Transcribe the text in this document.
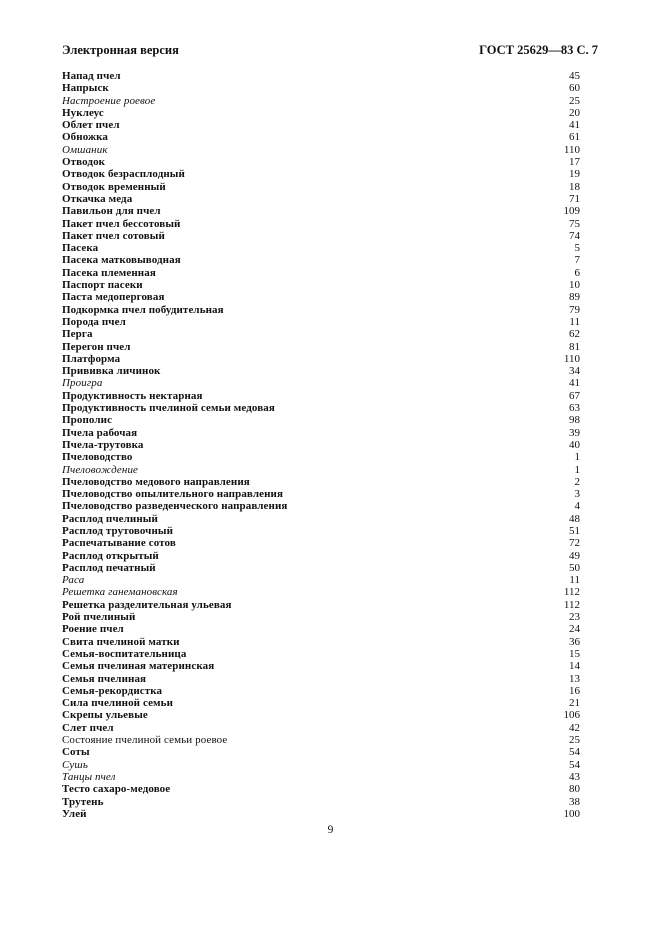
Электронная версия	ГОСТ 25629—83 С. 7
Напад пчел	45
Напрыск	60
Настроение роевое	25
Нуклеус	20
Облет пчел	41
Обножка	61
Омшаник	110
Отводок	17
Отводок безрасплодный	19
Отводок временный	18
Откачка меда	71
Павильон для пчел	109
Пакет пчел бессотовый	75
Пакет пчел сотовый	74
Пасека	5
Пасека матковыводная	7
Пасека племенная	6
Паспорт пасеки	10
Паста медоперговая	89
Подкормка пчел побудительная	79
Порода пчел	11
Перга	62
Перегон пчел	81
Платформа	110
Прививка личинок	34
Проигра	41
Продуктивность нектарная	67
Продуктивность пчелиной семьи медовая	63
Прополис	98
Пчела рабочая	39
Пчела-трутовка	40
Пчеловодство	1
Пчеловождение	1
Пчеловодство медового направления	2
Пчеловодство опылительного направления	3
Пчеловодство разведенческого направления	4
Расплод пчелиный	48
Расплод трутовочный	51
Распечатывание сотов	72
Расплод открытый	49
Расплод печатный	50
Раса	11
Решетка ганемановская	112
Решетка разделительная ульевая	112
Рой пчелиный	23
Роение пчел	24
Свита пчелиной матки	36
Семья-воспитательница	15
Семья пчелиная материнская	14
Семья пчелиная	13
Семья-рекордистка	16
Сила пчелиной семьи	21
Скрепы ульевые	106
Слет пчел	42
Состояние пчелиной семьи роевое	25
Соты	54
Сушь	54
Танцы пчел	43
Тесто сахаро-медовое	80
Трутень	38
Улей	100
9
